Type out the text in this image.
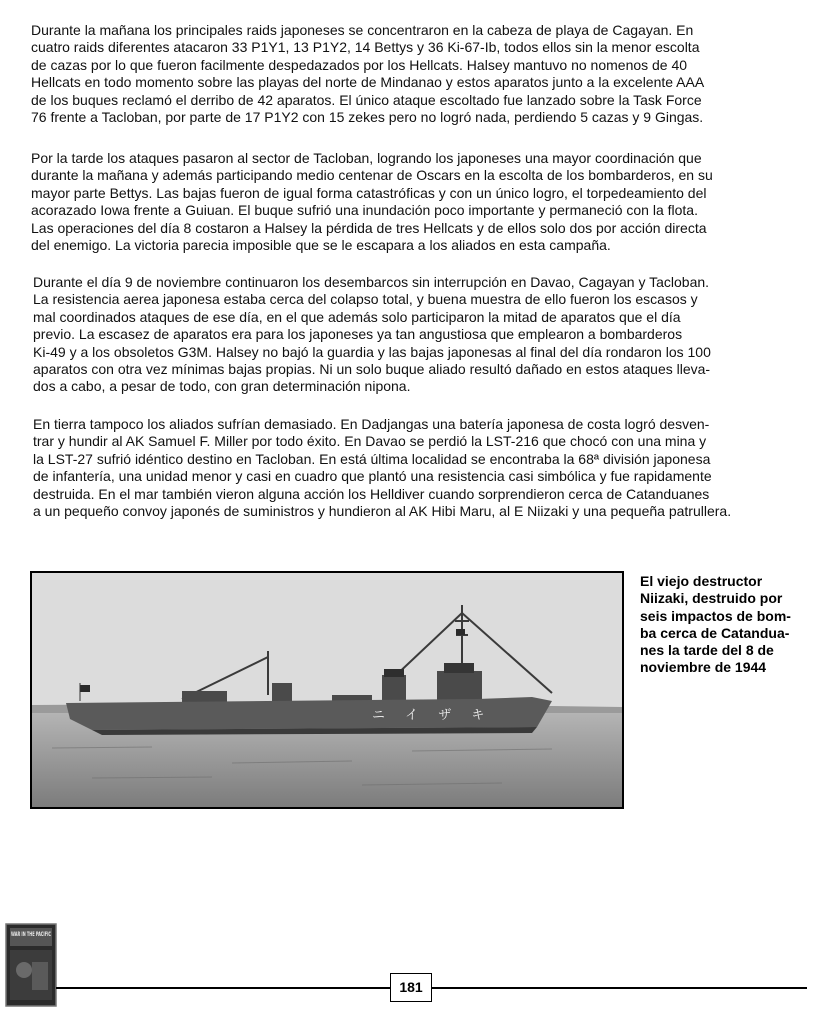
Durante la mañana los principales raids japoneses se concentraron en la cabeza de playa de Cagayan. En
cuatro raids diferentes atacaron 33 P1Y1, 13 P1Y2, 14 Bettys y 36 Ki-67-Ib, todos ellos sin la menor escolta
de cazas por lo que fueron facilmente despedazados por los Hellcats. Halsey mantuvo no nomenos de 40
Hellcats en todo momento sobre las playas del norte de Mindanao y estos aparatos junto a la excelente AAA
de los buques reclamó el derribo de 42 aparatos. El único ataque escoltado fue lanzado sobre la Task Force
76 frente a Tacloban, por parte de 17 P1Y2 con 15 zekes pero no logró nada, perdiendo 5 cazas y 9 Gingas.
Por la tarde los ataques pasaron al sector de Tacloban, logrando los japoneses una mayor coordinación que
durante la mañana y además participando medio centenar de Oscars en la escolta de los bombarderos, en su
mayor parte Bettys. Las bajas fueron de igual forma catastróficas y con un único logro, el torpedeamiento del
acorazado Iowa frente a Guiuan. El buque sufrió una inundación poco importante y permaneció con la flota.
Las operaciones del día 8 costaron a Halsey la pérdida de tres Hellcats y de ellos solo dos por acción directa
del enemigo. La victoria parecia imposible que se le escapara a los aliados en esta campaña.
Durante el día 9 de noviembre continuaron los desembarcos sin interrupción en Davao, Cagayan y Tacloban.
La resistencia aerea japonesa estaba cerca del colapso total, y buena muestra de ello fueron los escasos y
mal coordinados ataques de ese día, en el que además solo participaron la mitad de aparatos que el día
previo. La escasez de aparatos era para los japoneses ya tan angustiosa que emplearon a bombarderos
Ki-49 y a los obsoletos G3M. Halsey no bajó la guardia y las bajas japonesas al final del día rondaron los 100
aparatos con otra vez mínimas bajas propias. Ni un solo buque aliado resultó dañado en estos ataques lleva-
dos a cabo, a pesar de todo, con gran determinación nipona.
En tierra tampoco los aliados sufrían demasiado. En Dadjangas una batería japonesa de costa logró desven-
trar y hundir al AK Samuel F. Miller por todo éxito. En Davao se perdió la LST-216 que chocó con una mina y
la LST-27 sufrió idéntico destino en Tacloban. En está última localidad se encontraba la 68ª división japonesa
de infantería, una unidad menor y casi en cuadro que plantó una resistencia casi simbólica y fue rapidamente
destruida. En el mar también vieron alguna acción los Helldiver cuando sorprendieron cerca de Catanduanes
a un pequeño convoy japonés de suministros y hundieron al AK Hibi Maru, al E Niizaki y una pequeña patrullera.
ニ イ ザ キ
El viejo destructor
Niizaki, destruido por
seis impactos de bom-
ba cerca de Catandua-
nes la tarde del 8 de
noviembre de 1944
WAR IN THE PACIFIC
181
